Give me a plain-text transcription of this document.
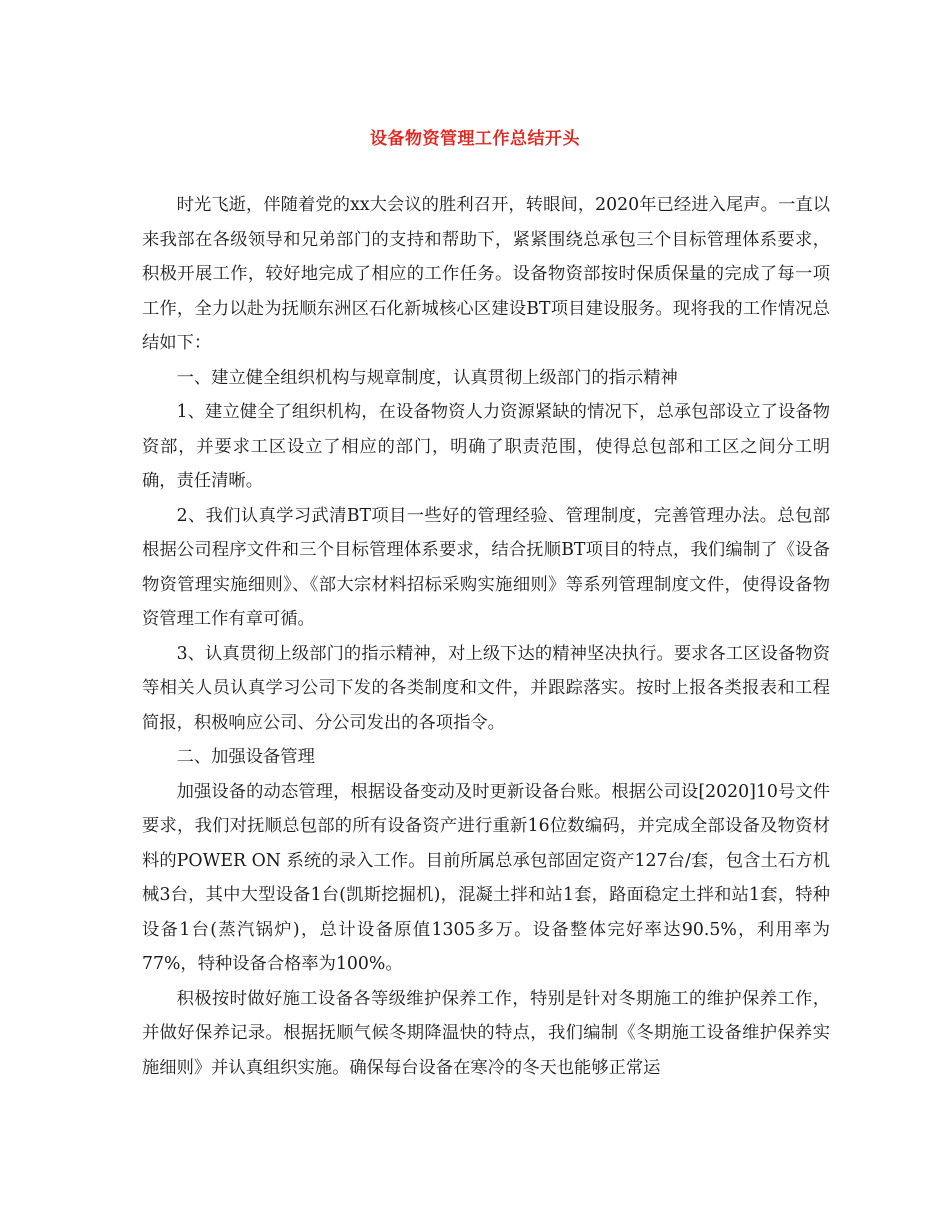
设备物资管理工作总结开头

时光飞逝，伴随着党的xx大会议的胜利召开，转眼间，2020年已经进入尾声。一直以来我部在各级领导和兄弟部门的支持和帮助下，紧紧围绕总承包三个目标管理体系要求，积极开展工作，较好地完成了相应的工作任务。设备物资部按时保质保量的完成了每一项工作，全力以赴为抚顺东洲区石化新城核心区建设BT项目建设服务。现将我的工作情况总结如下：

一、建立健全组织机构与规章制度，认真贯彻上级部门的指示精神

1、建立健全了组织机构，在设备物资人力资源紧缺的情况下，总承包部设立了设备物资部，并要求工区设立了相应的部门，明确了职责范围，使得总包部和工区之间分工明确，责任清晰。

2、我们认真学习武清BT项目一些好的管理经验、管理制度，完善管理办法。总包部根据公司程序文件和三个目标管理体系要求，结合抚顺BT项目的特点，我们编制了《设备物资管理实施细则》、《部大宗材料招标采购实施细则》等系列管理制度文件，使得设备物资管理工作有章可循。

3、认真贯彻上级部门的指示精神，对上级下达的精神坚决执行。要求各工区设备物资等相关人员认真学习公司下发的各类制度和文件，并跟踪落实。按时上报各类报表和工程简报，积极响应公司、分公司发出的各项指令。

二、加强设备管理

加强设备的动态管理，根据设备变动及时更新设备台账。根据公司设[2020]10号文件要求，我们对抚顺总包部的所有设备资产进行重新16位数编码，并完成全部设备及物资材料的POWER ON 系统的录入工作。目前所属总承包部固定资产127台/套，包含土石方机械3台，其中大型设备1台(凯斯挖掘机)，混凝土拌和站1套，路面稳定土拌和站1套，特种设备1台(蒸汽锅炉)，总计设备原值1305多万。设备整体完好率达90.5%，利用率为77%，特种设备合格率为100%。

积极按时做好施工设备各等级维护保养工作，特别是针对冬期施工的维护保养工作，并做好保养记录。根据抚顺气候冬期降温快的特点，我们编制《冬期施工设备维护保养实施细则》并认真组织实施。确保每台设备在寒冷的冬天也能够正常运
